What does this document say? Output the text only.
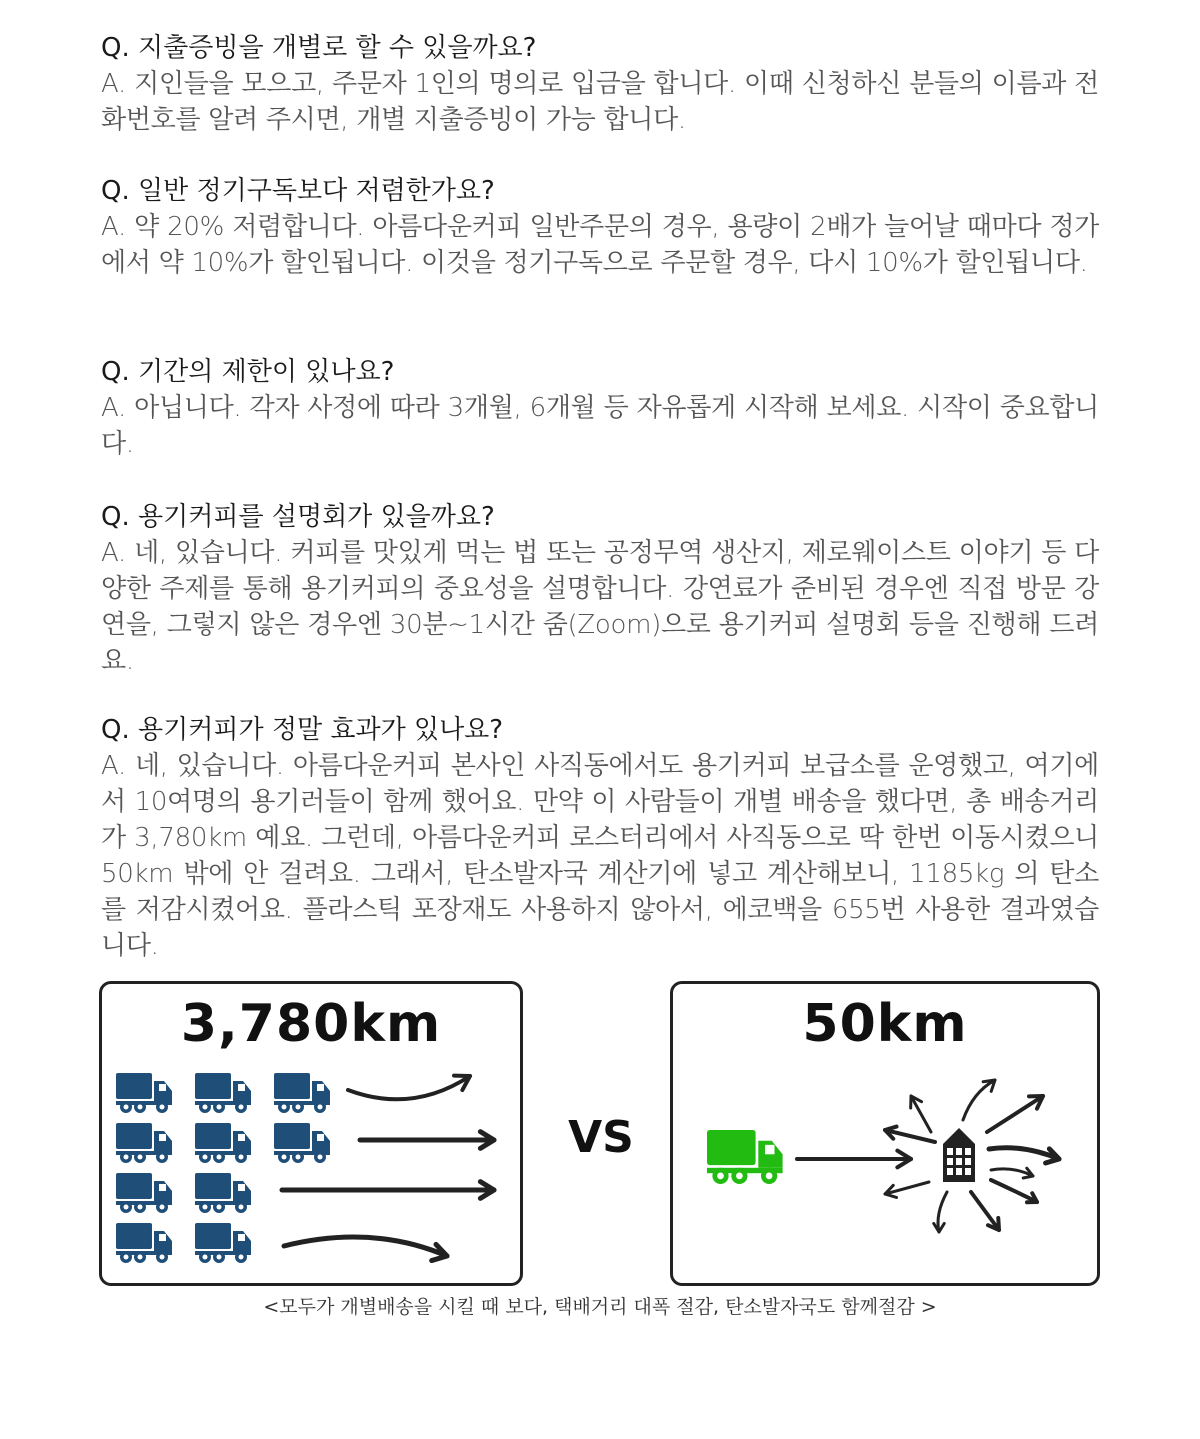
Q. 지출증빙을 개별로 할 수 있을까요?

A. 지인들을 모으고, 주문자 1인의 명의로 입금을 합니다. 이때 신청하신 분들의 이름과 전화번호를 알려 주시면, 개별 지출증빙이 가능 합니다.

Q. 일반 정기구독보다 저렴한가요?

A. 약 20% 저렴합니다. 아름다운커피 일반주문의 경우, 용량이 2배가 늘어날 때마다 정가에서 약 10%가 할인됩니다. 이것을 정기구독으로 주문할 경우, 다시 10%가 할인됩니다.

Q. 기간의 제한이 있나요?

A. 아닙니다. 각자 사정에 따라 3개월, 6개월 등 자유롭게 시작해 보세요. 시작이 중요합니다.

Q. 용기커피를 설명회가 있을까요?

A. 네, 있습니다. 커피를 맛있게 먹는 법 또는 공정무역 생산지, 제로웨이스트 이야기 등 다양한 주제를 통해 용기커피의 중요성을 설명합니다. 강연료가 준비된 경우엔 직접 방문 강연을, 그렇지 않은 경우엔 30분~1시간 줌(Zoom)으로 용기커피 설명회 등을 진행해 드려요.

Q. 용기커피가 정말 효과가 있나요?

A. 네, 있습니다. 아름다운커피 본사인 사직동에서도 용기커피 보급소를 운영했고, 여기에서 10여명의 용기러들이 함께 했어요. 만약 이 사람들이 개별 배송을 했다면, 총 배송거리가 3,780km 예요. 그런데, 아름다운커피 로스터리에서 사직동으로 딱 한번 이동시켰으니 50km 밖에 안 걸려요. 그래서, 탄소발자국 계산기에 넣고 계산해보니, 1185kg 의 탄소를 저감시켰어요. 플라스틱 포장재도 사용하지 않아서, 에코백을 655번 사용한 결과였습니다.

3,780km
VS
50km
<모두가 개별배송을 시킬 때 보다, 택배거리 대폭 절감, 탄소발자국도 함께절감 >
